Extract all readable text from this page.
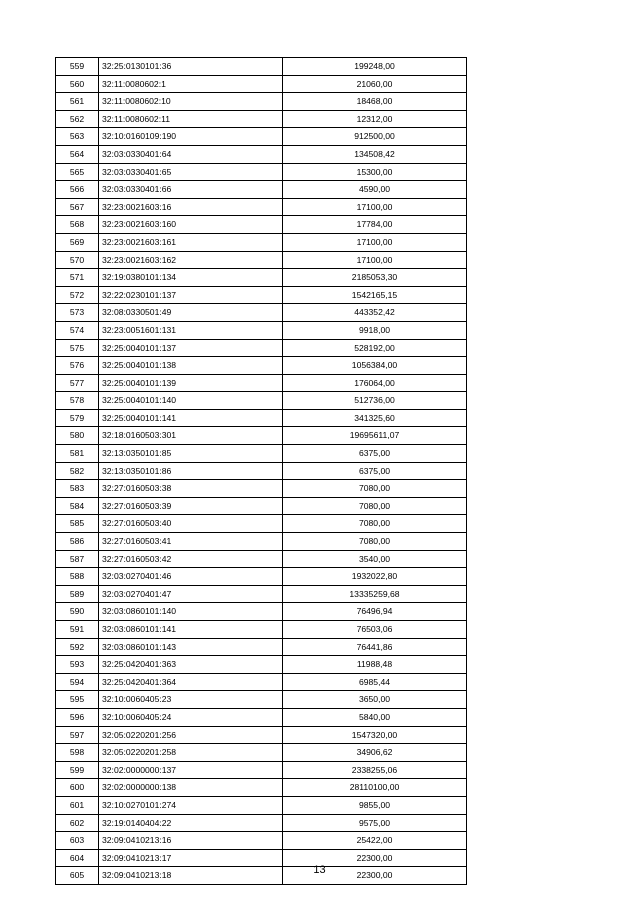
559	32:25:0130101:36	199248,00
560	32:11:0080602:1	21060,00
561	32:11:0080602:10	18468,00
562	32:11:0080602:11	12312,00
563	32:10:0160109:190	912500,00
564	32:03:0330401:64	134508,42
565	32:03:0330401:65	15300,00
566	32:03:0330401:66	4590,00
567	32:23:0021603:16	17100,00
568	32:23:0021603:160	17784,00
569	32:23:0021603:161	17100,00
570	32:23:0021603:162	17100,00
571	32:19:0380101:134	2185053,30
572	32:22:0230101:137	1542165,15
573	32:08:0330501:49	443352,42
574	32:23:0051601:131	9918,00
575	32:25:0040101:137	528192,00
576	32:25:0040101:138	1056384,00
577	32:25:0040101:139	176064,00
578	32:25:0040101:140	512736,00
579	32:25:0040101:141	341325,60
580	32:18:0160503:301	19695611,07
581	32:13:0350101:85	6375,00
582	32:13:0350101:86	6375,00
583	32:27:0160503:38	7080,00
584	32:27:0160503:39	7080,00
585	32:27:0160503:40	7080,00
586	32:27:0160503:41	7080,00
587	32:27:0160503:42	3540,00
588	32:03:0270401:46	1932022,80
589	32:03:0270401:47	13335259,68
590	32:03:0860101:140	76496,94
591	32:03:0860101:141	76503,06
592	32:03:0860101:143	76441,86
593	32:25:0420401:363	11988,48
594	32:25:0420401:364	6985,44
595	32:10:0060405:23	3650,00
596	32:10:0060405:24	5840,00
597	32:05:0220201:256	1547320,00
598	32:05:0220201:258	34906,62
599	32:02:0000000:137	2338255,06
600	32:02:0000000:138	28110100,00
601	32:10:0270101:274	9855,00
602	32:19:0140404:22	9575,00
603	32:09:0410213:16	25422,00
604	32:09:0410213:17	22300,00
605	32:09:0410213:18	22300,00
13
